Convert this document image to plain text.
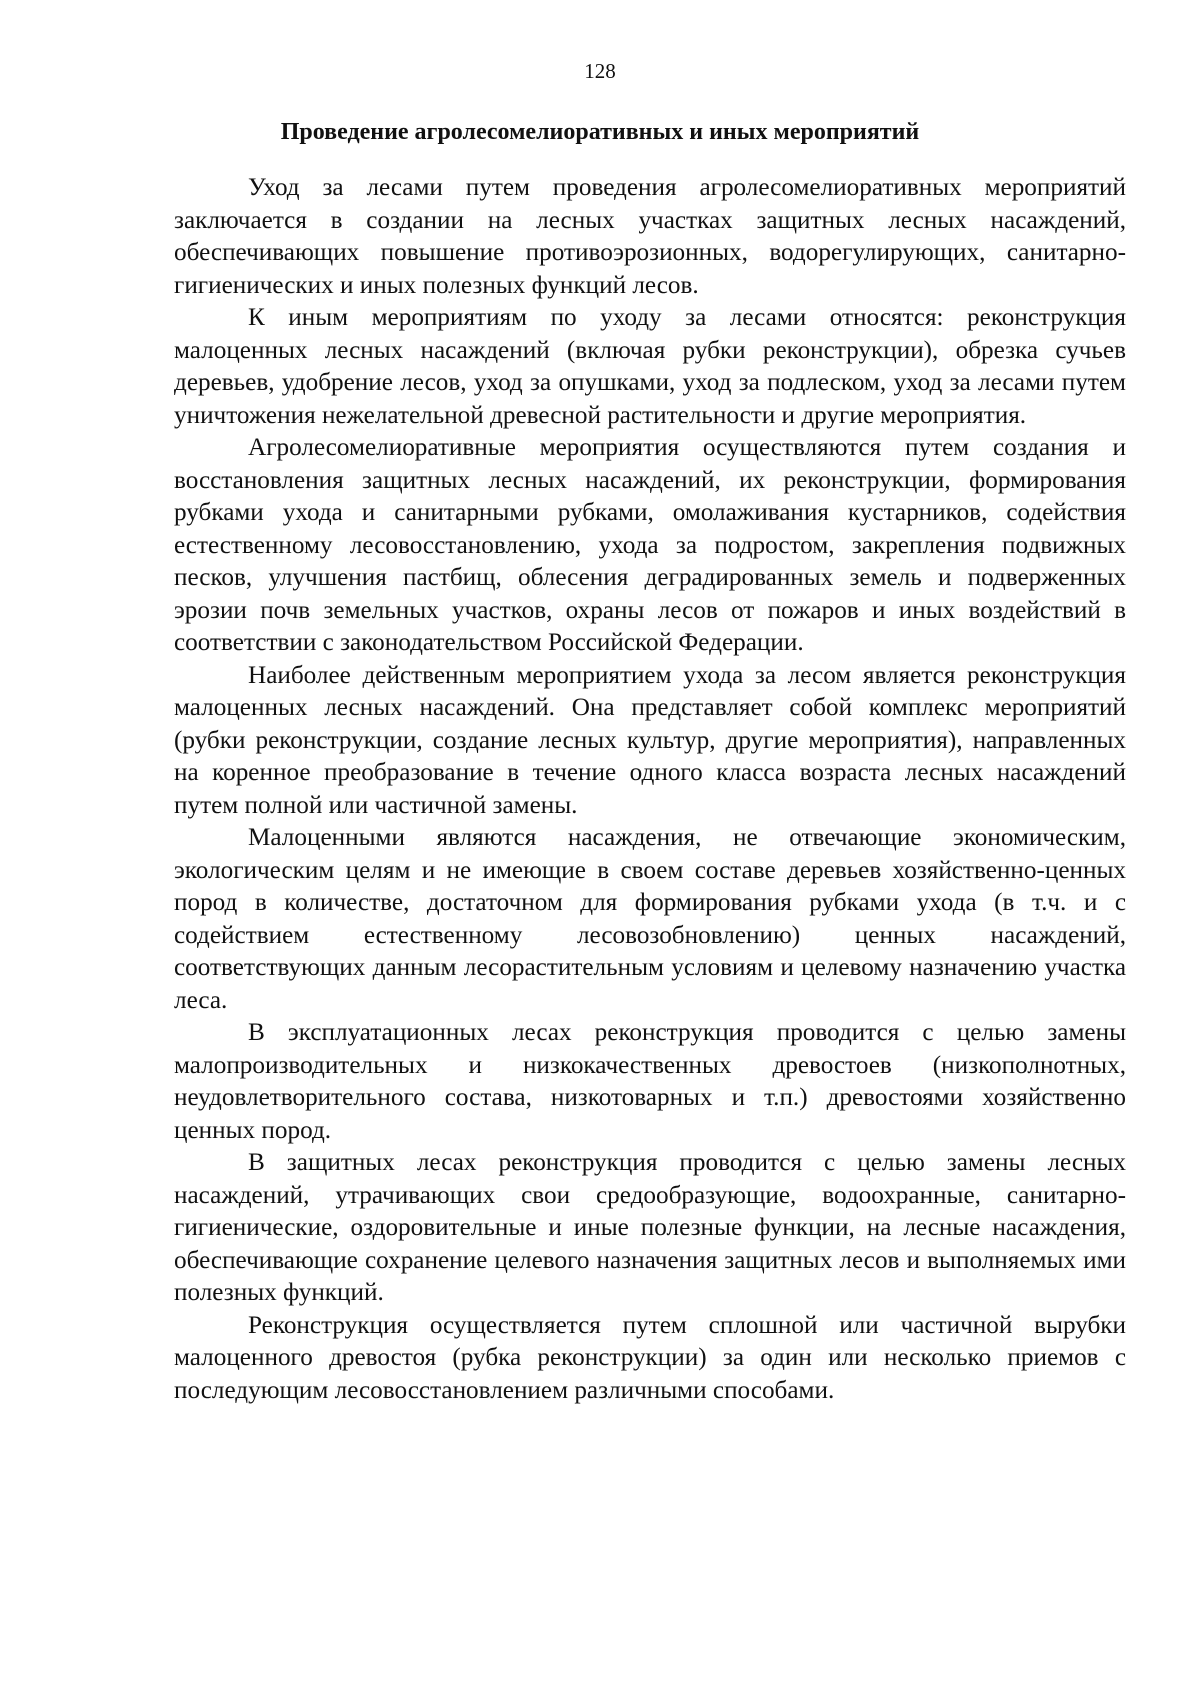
128
Проведение агролесомелиоративных и иных мероприятий

Уход за лесами путем проведения агролесомелиоративных мероприятий заключается в создании на лесных участках защитных лесных насаждений, обеспечивающих повышение противоэрозионных, водорегулирующих, санитарно-гигиенических и иных полезных функций лесов.

К иным мероприятиям по уходу за лесами относятся: реконструкция малоценных лесных насаждений (включая рубки реконструкции), обрезка сучьев деревьев, удобрение лесов, уход за опушками, уход за подлеском, уход за лесами путем уничтожения нежелательной древесной растительности и другие мероприятия.

Агролесомелиоративные мероприятия осуществляются путем создания и восстановления защитных лесных насаждений, их реконструкции, формирования рубками ухода и санитарными рубками, омолаживания кустарников, содействия естественному лесовосстановлению, ухода за подростом, закрепления подвижных песков, улучшения пастбищ, облесения деградированных земель и подверженных эрозии почв земельных участков, охраны лесов от пожаров и иных воздействий в соответствии с законодательством Российской Федерации.

Наиболее действенным мероприятием ухода за лесом является реконструкция малоценных лесных насаждений. Она представляет собой комплекс мероприятий (рубки реконструкции, создание лесных культур, другие мероприятия), направленных на коренное преобразование в течение одного класса возраста лесных насаждений путем полной или частичной замены.

Малоценными являются насаждения, не отвечающие экономическим, экологическим целям и не имеющие в своем составе деревьев хозяйственно-ценных пород в количестве, достаточном для формирования рубками ухода (в т.ч. и с содействием естественному лесовозобновлению) ценных насаждений, соответствующих данным лесорастительным условиям и целевому назначению участка леса.

В эксплуатационных лесах реконструкция проводится с целью замены малопроизводительных и низкокачественных древостоев (низкополнотных, неудовлетворительного состава, низкотоварных и т.п.) древостоями хозяйственно ценных пород.

В защитных лесах реконструкция проводится с целью замены лесных насаждений, утрачивающих свои средообразующие, водоохранные, санитарно-гигиенические, оздоровительные и иные полезные функции, на лесные насаждения, обеспечивающие сохранение целевого назначения защитных лесов и выполняемых ими полезных функций.

Реконструкция осуществляется путем сплошной или частичной вырубки малоценного древостоя (рубка реконструкции) за один или несколько приемов с последующим лесовосстановлением различными способами.
